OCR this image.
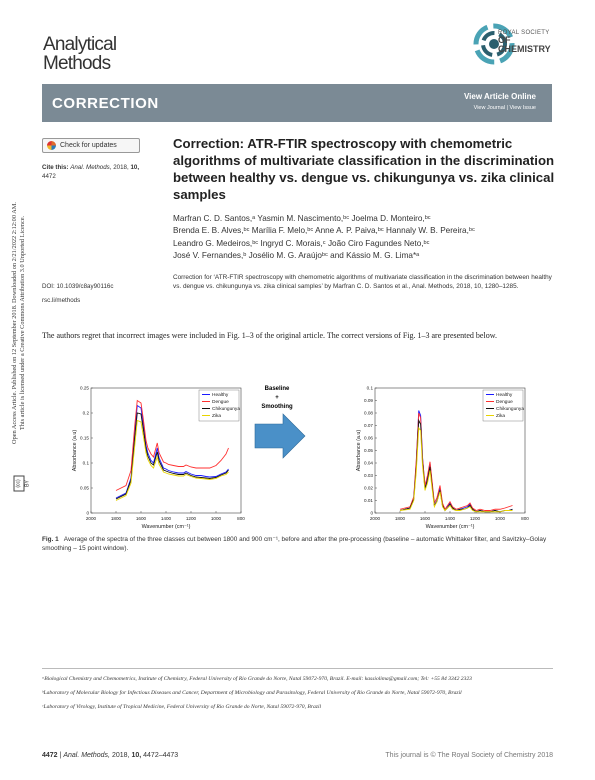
Analytical
Methods
ROYAL SOCIETY
OF CHEMISTRY
CORRECTION	View Article Online
View Journal | View Issue
Open Access Article. Published on 12 September 2018. Downloaded on 2/21/2022 2:12:00 AM. This article is licensed under a Creative Commons Attribution 3.0 Unported Licence.
(cc) BY
Check for updates
Cite this: Anal. Methods, 2018, 10,
4472
DOI: 10.1039/c8ay90116c
rsc.li/methods
Correction: ATR-FTIR spectroscopy with chemometric algorithms of multivariate classification in the discrimination between healthy vs. dengue vs. chikungunya vs. zika clinical samples
Marfran C. D. Santos,ᵃ Yasmin M. Nascimento,ᵇᶜ Joelma D. Monteiro,ᵇᶜ
Brenda E. B. Alves,ᵇᶜ Marília F. Melo,ᵇᶜ Anne A. P. Paiva,ᵇᶜ Hannaly W. B. Pereira,ᵇᶜ
Leandro G. Medeiros,ᵇᶜ Ingryd C. Morais,ᶜ João Ciro Fagundes Neto,ᵇᶜ
José V. Fernandes,ᵇ Josélio M. G. Araújoᵇᶜ and Kássio M. G. Lima*ᵃ
Correction for ‘ATR-FTIR spectroscopy with chemometric algorithms of multivariate classification in the discrimination between healthy vs. dengue vs. chikungunya vs. zika clinical samples’ by Marfran C. D. Santos et al., Anal. Methods, 2018, 10, 1280–1285.
The authors regret that incorrect images were included in Fig. 1–3 of the original article. The correct versions of Fig. 1–3 are presented below.
2000	1800	1600	1400	1200	1000	800
0.25
0.2
0.15
0.1
0.05
0
Wavenumber (cm⁻¹)
Absorbance (a.u)
Healthy
Dengue
Chikungunya
Zika
Baseline
+
Smoothing
2000	1800	1600	1400	1200	1000	800
0.1
0.09
0.08
0.07
0.06
0.05
0.04
0.03
0.02
0.01
0
Wavenumber (cm⁻¹)
Absorbance (a.u)
Healthy
Dengue
Chikungunya
Zika
Fig. 1 Average of the spectra of the three classes cut between 1800 and 900 cm⁻¹, before and after the pre-processing (baseline – automatic Whittaker filter, and Savitzky–Golay smoothing – 15 point window).

ᵃBiological Chemistry and Chemometrics, Institute of Chemistry, Federal University of Rio Grande do Norte, Natal 59072-970, Brazil. E-mail: kassiolima@gmail.com; Tel: +55 84 3342 2323

ᵇLaboratory of Molecular Biology for Infectious Diseases and Cancer, Department of Microbiology and Parasitology, Federal University of Rio Grande do Norte, Natal 59072-970, Brazil

ᶜLaboratory of Virology, Institute of Tropical Medicine, Federal University of Rio Grande do Norte, Natal 59072-970, Brazil

4472 | Anal. Methods, 2018, 10, 4472–4473	This journal is © The Royal Society of Chemistry 2018
